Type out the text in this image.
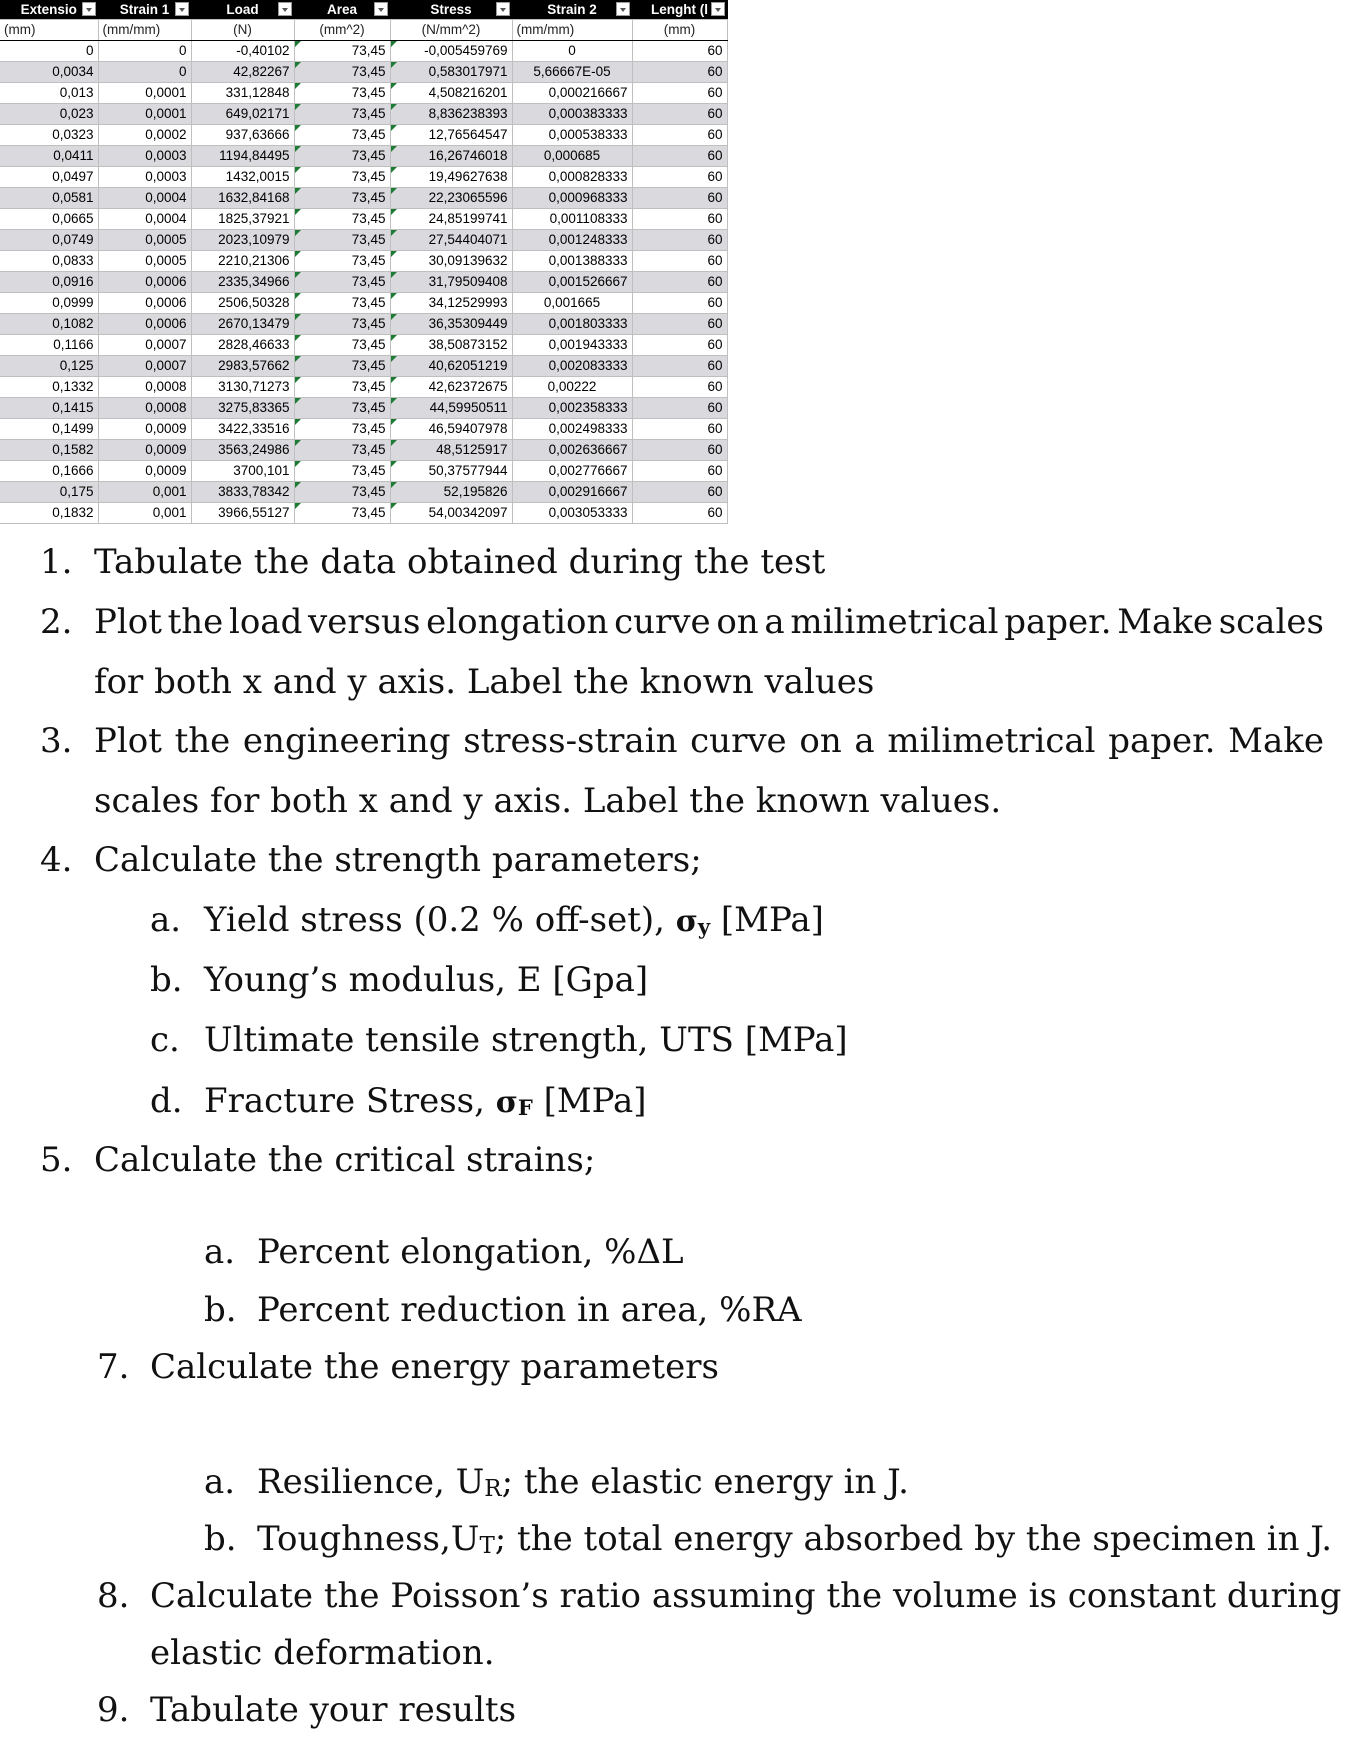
Extensio	Strain 1	Load	Area	Stress	Strain 2	Lenght (l

(mm)	(mm/mm)	(N)	(mm^2)	(N/mm^2)	(mm/mm)	(mm)
0	0	-0,40102	73,45	-0,005459769	0	60
0,0034	0	42,82267	73,45	0,583017971	5,66667E-05	60
0,013	0,0001	331,12848	73,45	4,508216201	0,000216667	60
0,023	0,0001	649,02171	73,45	8,836238393	0,000383333	60
0,0323	0,0002	937,63666	73,45	12,76564547	0,000538333	60
0,0411	0,0003	1194,84495	73,45	16,26746018	0,000685	60
0,0497	0,0003	1432,0015	73,45	19,49627638	0,000828333	60
0,0581	0,0004	1632,84168	73,45	22,23065596	0,000968333	60
0,0665	0,0004	1825,37921	73,45	24,85199741	0,001108333	60
0,0749	0,0005	2023,10979	73,45	27,54404071	0,001248333	60
0,0833	0,0005	2210,21306	73,45	30,09139632	0,001388333	60
0,0916	0,0006	2335,34966	73,45	31,79509408	0,001526667	60
0,0999	0,0006	2506,50328	73,45	34,12529993	0,001665	60
0,1082	0,0006	2670,13479	73,45	36,35309449	0,001803333	60
0,1166	0,0007	2828,46633	73,45	38,50873152	0,001943333	60
0,125	0,0007	2983,57662	73,45	40,62051219	0,002083333	60
0,1332	0,0008	3130,71273	73,45	42,62372675	0,00222	60
0,1415	0,0008	3275,83365	73,45	44,59950511	0,002358333	60
0,1499	0,0009	3422,33516	73,45	46,59407978	0,002498333	60
0,1582	0,0009	3563,24986	73,45	48,5125917	0,002636667	60
0,1666	0,0009	3700,101	73,45	50,37577944	0,002776667	60
0,175	0,001	3833,78342	73,45	52,195826	0,002916667	60
0,1832	0,001	3966,55127	73,45	54,00342097	0,003053333	60
1. Tabulate the data obtained during the test
2. Plot the load versus elongation curve on a milimetrical paper. Make scales
for both x and y axis. Label the known values
3. Plot the engineering stress-strain curve on a milimetrical paper. Make
scales for both x and y axis. Label the known values.
4. Calculate the strength parameters;
a. Yield stress (0.2 % off-set), σy [MPa]
b. Young’s modulus, E [Gpa]
c. Ultimate tensile strength, UTS [MPa]
d. Fracture Stress, σF [MPa]
5. Calculate the critical strains;
a. Percent elongation, %ΔL
b. Percent reduction in area, %RA
7. Calculate the energy parameters
a. Resilience, UR; the elastic energy in J.
b. Toughness,UT; the total energy absorbed by the specimen in J.
8. Calculate the Poisson’s ratio assuming the volume is constant during
elastic deformation.
9. Tabulate your results
